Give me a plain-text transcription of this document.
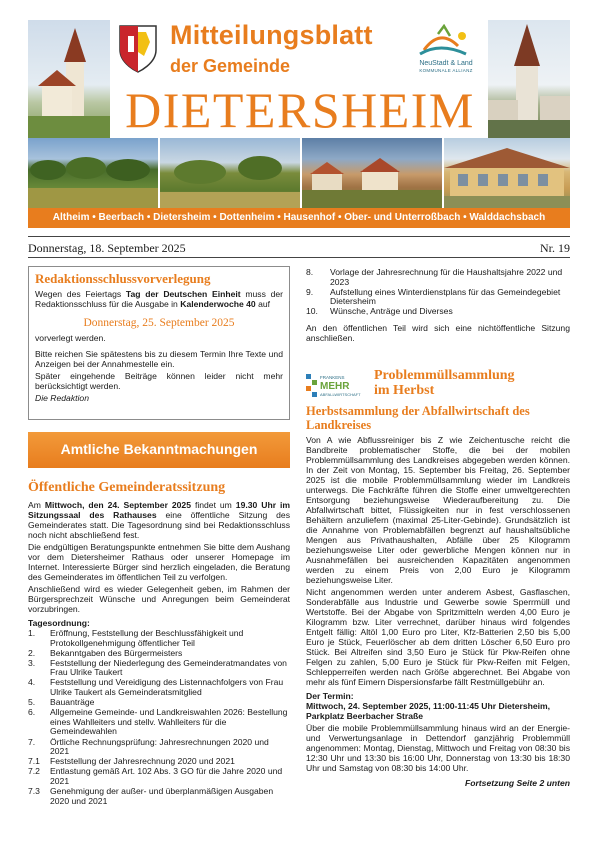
Mitteilungsblatt
der Gemeinde	NeuStadt & Land
KOMMUNALE ALLIANZ
DIETERSHEIM
Altheim • Beerbach • Dietersheim • Dottenheim • Hausenhof • Ober- und Unterroßbach • Walddachsbach
Donnerstag, 18. September 2025	Nr. 19
Redaktionsschlussvorverlegung

Wegen des Feiertags Tag der Deutschen Einheit muss der Redaktionsschluss für die Ausgabe in Kalenderwoche 40 auf

Donnerstag, 25. September 2025

vorverlegt werden.

Bitte reichen Sie spätestens bis zu diesem Termin Ihre Texte und Anzeigen bei der Annahmestelle ein.

Später eingehende Beiträge können leider nicht mehr berücksichtigt werden.

Die Redaktion

Amtliche Bekanntmachungen
Öffentliche Gemeinderatssitzung

Am Mittwoch, den 24. September 2025 findet um 19.30 Uhr im Sitzungssaal des Rathauses eine öffentliche Sitzung des Gemeinderates statt. Die Tagesordnung sind bei Redaktionsschluss noch nicht abschließend fest.

Die endgültigen Beratungspunkte entnehmen Sie bitte dem Aushang vor dem Dietersheimer Rathaus oder unserer Homepage im Internet. Interessierte Bürger sind herzlich eingeladen, die Beratung des Gemeinderates im öffentlichen Teil zu verfolgen.

Anschließend wird es wieder Gelegenheit geben, im Rahmen der Bürgersprechzeit Wünsche und Anregungen beim Gemeinderat vorzubringen.

Tagesordnung:
1. Eröffnung, Feststellung der Beschlussfähigkeit und Protokollgenehmigung öffentlicher Teil
2. Bekanntgaben des Bürgermeisters
3. Feststellung der Niederlegung des Gemeinderatmandates von Frau Ulrike Taukert
4. Feststellung und Vereidigung des Listennachfolgers von Frau Ulrike Taukert als Gemeinderatsmitglied
5. Bauanträge
6. Allgemeine Gemeinde- und Landkreiswahlen 2026: Bestellung eines Wahlleiters und stellv. Wahlleiters für die Gemeindewahlen
7. Örtliche Rechnungsprüfung: Jahresrechnungen 2020 und 2021
7.1 Feststellung der Jahresrechnung 2020 und 2021
7.2 Entlastung gemäß Art. 102 Abs. 3 GO für die Jahre 2020 und 2021
7.3 Genehmigung der außer- und überplanmäßigen Ausgaben 2020 und 2021
8. Vorlage der Jahresrechnung für die Haushaltsjahre 2022 und 2023
9. Aufstellung eines Winterdienstplans für das Gemeindegebiet Dietersheim
10. Wünsche, Anträge und Diverses

An den öffentlichen Teil wird sich eine nichtöffentliche Sitzung anschließen.

FRANKENS
MEHR
ABFALLWIRTSCHAFT
Problemmüllsammlung
im Herbst
Herbstsammlung der Abfallwirtschaft des Landkreises

Von A wie Abflussreiniger bis Z wie Zeichentusche reicht die Bandbreite problematischer Stoffe, die bei der mobilen Problemmüllsammlung des Landkreises abgegeben werden können. In der Zeit von Montag, 15. September bis Freitag, 26. September 2025 ist die mobile Problemmüllsammlung wieder im Landkreis unterwegs. Die Fachkräfte führen die Stoffe einer umweltgerechten Entsorgung beziehungsweise Wiederaufbereitung zu. Die Abfallwirtschaft bittet, Flüssigkeiten nur in fest verschlossenen Behältern anzuliefern (maximal 25-Liter-Gebinde). Grundsätzlich ist die Annahme von Problemabfällen begrenzt auf haushaltsübliche Mengen aus Privathaushalten, Abfälle über 25 Kilogramm beziehungsweise Liter oder gewerbliche Mengen können nur in Ausnahmefällen bei ausreichenden Kapazitäten angenommen werden zu einem Preis von 2,00 Euro je Kilogramm beziehungsweise Liter.

Nicht angenommen werden unter anderem Asbest, Gasflaschen, Sonderabfälle aus Industrie und Gewerbe sowie Sperrmüll und Wertstoffe. Bei der Abgabe von Spritzmitteln werden 4,00 Euro je Kilogramm bzw. Liter verrechnet, darüber hinaus wird folgendes Entgelt fällig: Altöl 1,00 Euro pro Liter, Kfz-Batterien 2,50 bis 5,00 Euro je Stück, Feuerlöscher ab dem dritten Löscher 6,50 Euro pro Stück. Bei Altreifen sind 3,50 Euro je Stück für Pkw-Reifen ohne Felgen zu zahlen, 5,00 Euro je Stück für Pkw-Reifen mit Felgen, Schlepperreifen werden nach Größe abgerechnet. Bei Abgabe von mehr als fünf Eimern Dispersionsfarbe fällt Restmüllgebühr an.

Der Termin:
Mittwoch, 24. September 2025, 11:00-11:45 Uhr Dietersheim, Parkplatz Beerbacher Straße

Über die mobile Problemmüllsammlung hinaus wird an der Energie- und Verwertungsanlage in Dettendorf ganzjährig Problemmüll angenommen: Montag, Dienstag, Mittwoch und Freitag von 08:30 bis 12:30 Uhr und 13:30 bis 16:00 Uhr, Donnerstag von 13:30 bis 18:30 Uhr und Samstag von 08:30 bis 14:00 Uhr.

Fortsetzung Seite 2 unten
